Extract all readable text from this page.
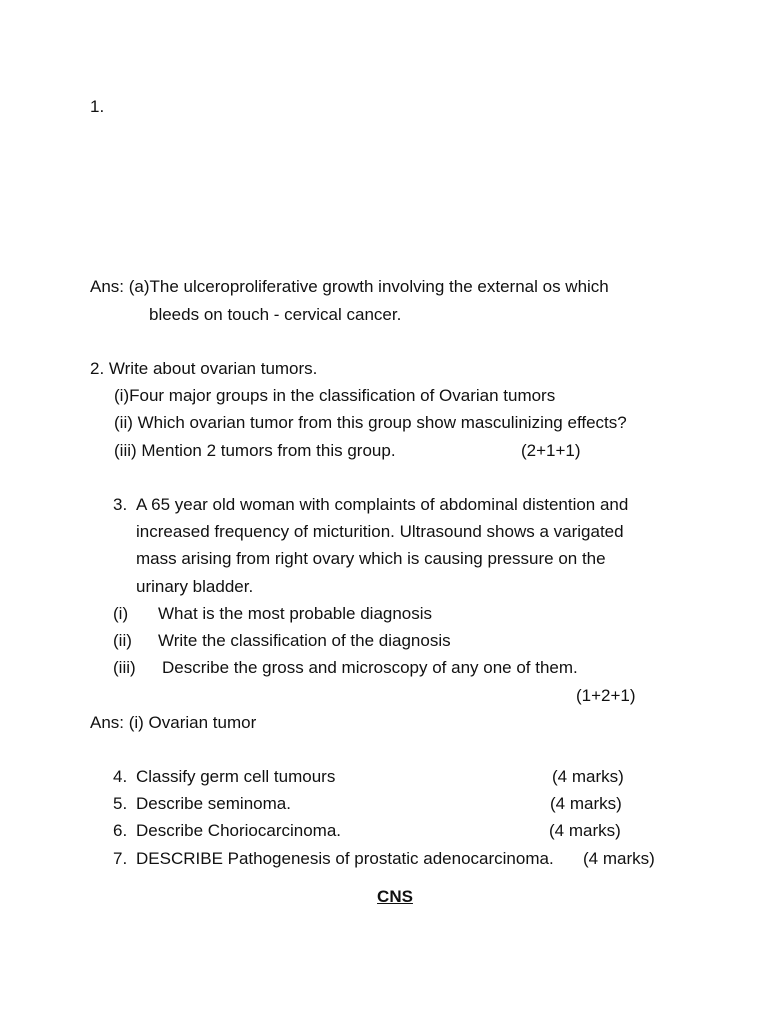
1.
Ans: (a)The ulceroproliferative growth involving the external os which
bleeds on touch - cervical cancer.
2. Write about ovarian tumors.
(i)Four major groups in the classification of Ovarian tumors
(ii) Which ovarian tumor from this group show masculinizing effects?
(iii) Mention 2 tumors from this group.	(2+1+1)
3. A 65 year old woman with complaints of abdominal distention and
increased frequency of micturition. Ultrasound shows a varigated
mass arising from right ovary which is causing pressure on the
urinary bladder.
(i) What is the most probable diagnosis
(ii) Write the classification of the diagnosis
(iii) Describe the gross and microscopy of any one of them.
(1+2+1)
Ans: (i) Ovarian tumor
4. Classify germ cell tumours	(4 marks)
5. Describe seminoma.	(4 marks)
6. Describe Choriocarcinoma.	(4 marks)
7. DESCRIBE Pathogenesis of prostatic adenocarcinoma. (4 marks)
CNS
